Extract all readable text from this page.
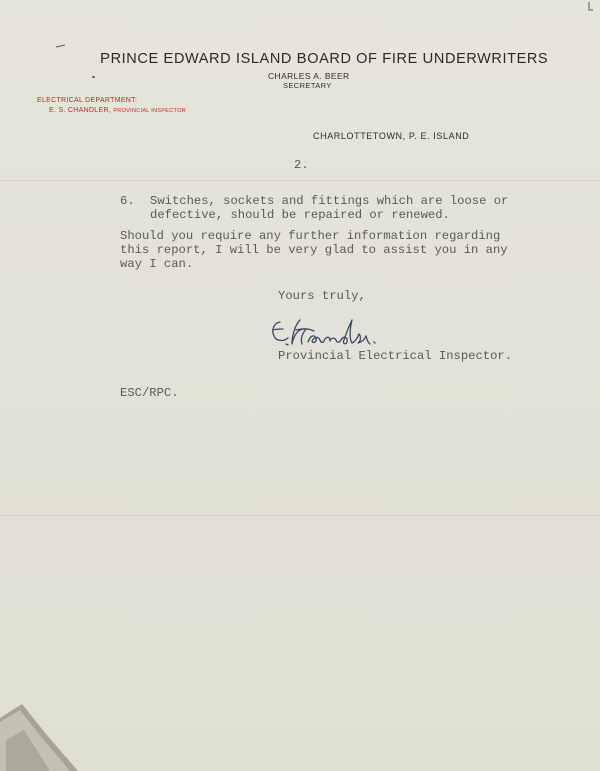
PRINCE EDWARD ISLAND BOARD OF FIRE UNDERWRITERS
CHARLES A. BEER
SECRETARY
ELECTRICAL DEPARTMENT:
E. S. CHANDLER, PROVINCIAL INSPECTOR
CHARLOTTETOWN, P. E. ISLAND
2.
6. Switches, sockets and fittings which are loose or
defective, should be repaired or renewed.
Should you require any further information regarding
this report, I will be very glad to assist you in any
way I can.
Yours truly,
Provincial Electrical Inspector.
ESC/RPC.
